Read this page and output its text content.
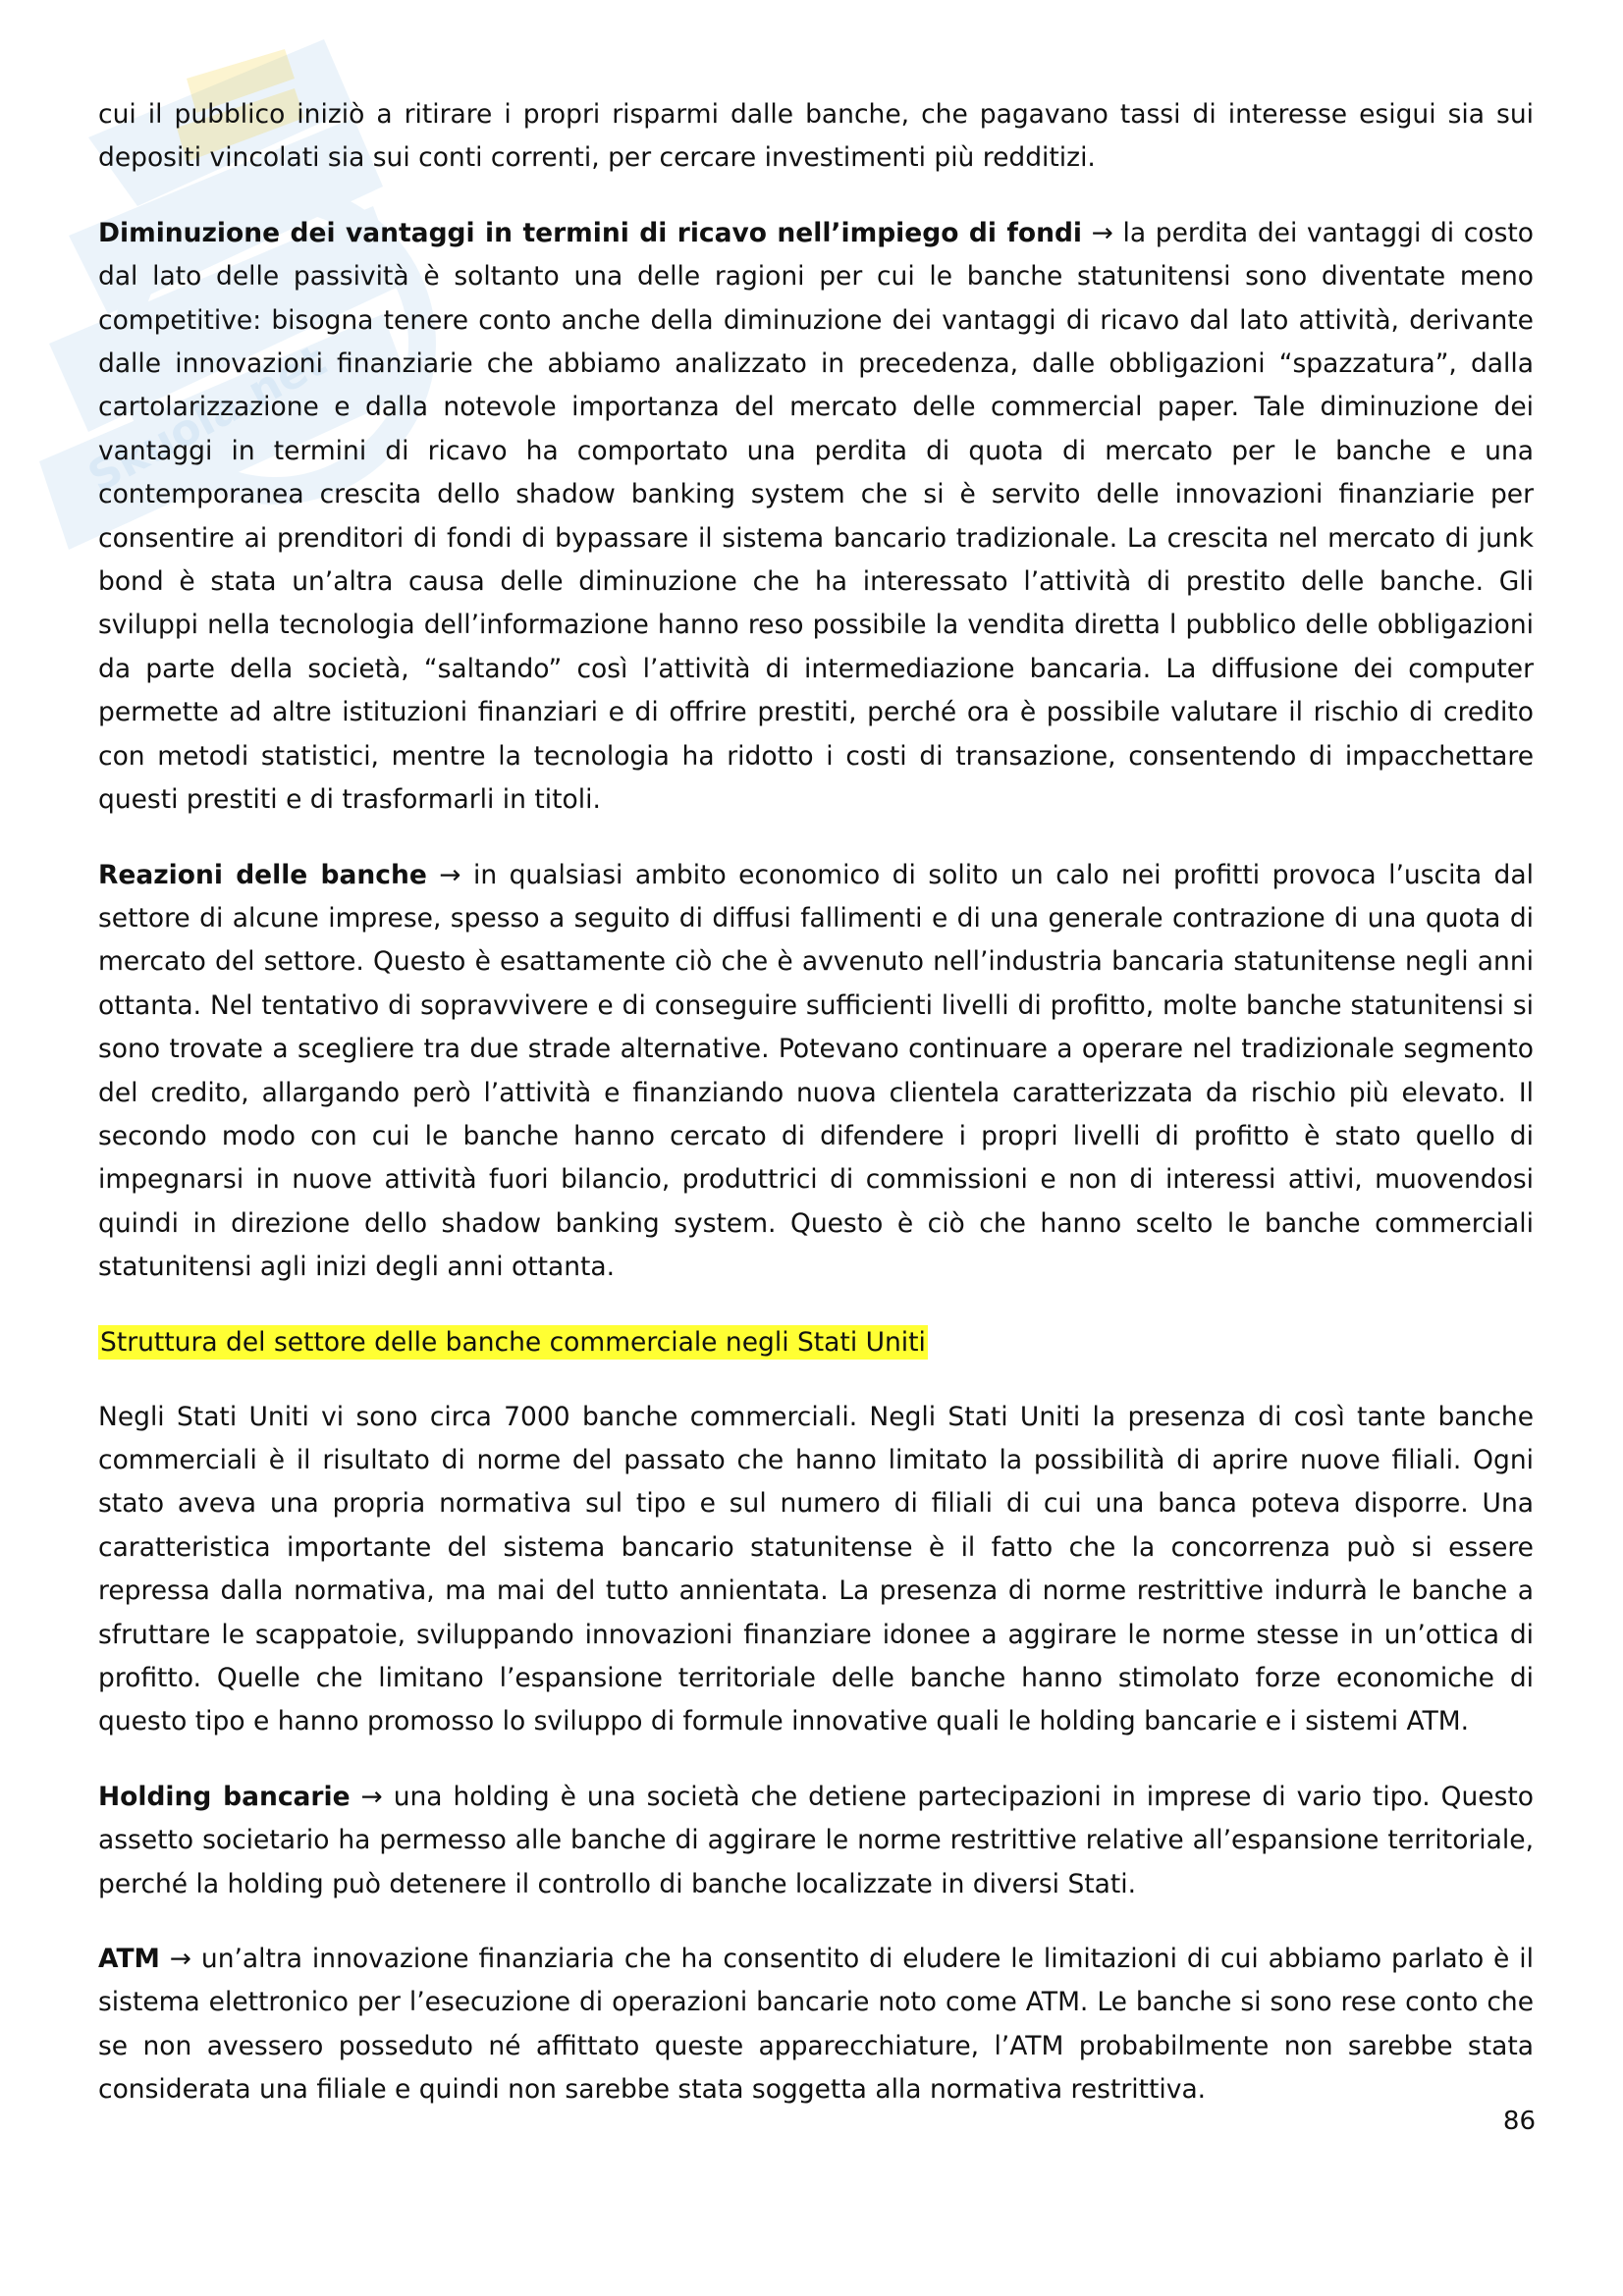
Skuola.net

cui il pubblico iniziò a ritirare i propri risparmi dalle banche, che pagavano tassi di interesse esigui sia sui depositi vincolati sia sui conti correnti, per cercare investimenti più redditizi.

Diminuzione dei vantaggi in termini di ricavo nell’impiego di fondi → la perdita dei vantaggi di costo dal lato delle passività è soltanto una delle ragioni per cui le banche statunitensi sono diventate meno competitive: bisogna tenere conto anche della diminuzione dei vantaggi di ricavo dal lato attività, derivante dalle innovazioni finanziarie che abbiamo analizzato in precedenza, dalle obbligazioni “spazzatura”, dalla cartolarizzazione e dalla notevole importanza del mercato delle commercial paper. Tale diminuzione dei vantaggi in termini di ricavo ha comportato una perdita di quota di mercato per le banche e una contemporanea crescita dello shadow banking system che si è servito delle innovazioni finanziarie per consentire ai prenditori di fondi di bypassare il sistema bancario tradizionale. La crescita nel mercato di junk bond è stata un’altra causa delle diminuzione che ha interessato l’attività di prestito delle banche. Gli sviluppi nella tecnologia dell’informazione hanno reso possibile la vendita diretta l pubblico delle obbligazioni da parte della società, “saltando” così l’attività di intermediazione bancaria. La diffusione dei computer permette ad altre istituzioni finanziari e di offrire prestiti, perché ora è possibile valutare il rischio di credito con metodi statistici, mentre la tecnologia ha ridotto i costi di transazione, consentendo di impacchettare questi prestiti e di trasformarli in titoli.

Reazioni delle banche → in qualsiasi ambito economico di solito un calo nei profitti provoca l’uscita dal settore di alcune imprese, spesso a seguito di diffusi fallimenti e di una generale contrazione di una quota di mercato del settore. Questo è esattamente ciò che è avvenuto nell’industria bancaria statunitense negli anni ottanta. Nel tentativo di sopravvivere e di conseguire sufficienti livelli di profitto, molte banche statunitensi si sono trovate a scegliere tra due strade alternative. Potevano continuare a operare nel tradizionale segmento del credito, allargando però l’attività e finanziando nuova clientela caratterizzata da rischio più elevato. Il secondo modo con cui le banche hanno cercato di difendere i propri livelli di profitto è stato quello di impegnarsi in nuove attività fuori bilancio, produttrici di commissioni e non di interessi attivi, muovendosi quindi in direzione dello shadow banking system. Questo è ciò che hanno scelto le banche commerciali statunitensi agli inizi degli anni ottanta.

Struttura del settore delle banche commerciale negli Stati Uniti

Negli Stati Uniti vi sono circa 7000 banche commerciali. Negli Stati Uniti la presenza di così tante banche commerciali è il risultato di norme del passato che hanno limitato la possibilità di aprire nuove filiali. Ogni stato aveva una propria normativa sul tipo e sul numero di filiali di cui una banca poteva disporre. Una caratteristica importante del sistema bancario statunitense è il fatto che la concorrenza può si essere repressa dalla normativa, ma mai del tutto annientata. La presenza di norme restrittive indurrà le banche a sfruttare le scappatoie, sviluppando innovazioni finanziare idonee a aggirare le norme stesse in un’ottica di profitto. Quelle che limitano l’espansione territoriale delle banche hanno stimolato forze economiche di questo tipo e hanno promosso lo sviluppo di formule innovative quali le holding bancarie e i sistemi ATM.

Holding bancarie → una holding è una società che detiene partecipazioni in imprese di vario tipo. Questo assetto societario ha permesso alle banche di aggirare le norme restrittive relative all’espansione territoriale, perché la holding può detenere il controllo di banche localizzate in diversi Stati.

ATM → un’altra innovazione finanziaria che ha consentito di eludere le limitazioni di cui abbiamo parlato è il sistema elettronico per l’esecuzione di operazioni bancarie noto come ATM. Le banche si sono rese conto che se non avessero posseduto né affittato queste apparecchiature, l’ATM probabilmente non sarebbe stata considerata una filiale e quindi non sarebbe stata soggetta alla normativa restrittiva.

86
